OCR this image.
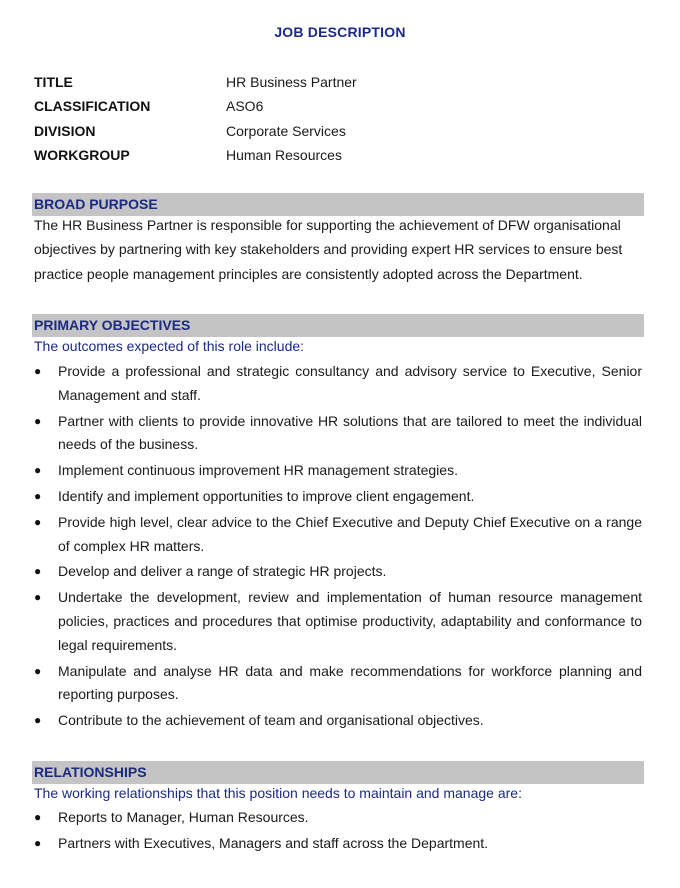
JOB DESCRIPTION
TITLE	HR Business Partner
CLASSIFICATION	ASO6
DIVISION	Corporate Services
WORKGROUP	Human Resources
BROAD PURPOSE
The HR Business Partner is responsible for supporting the achievement of DFW organisational objectives by partnering with key stakeholders and providing expert HR services to ensure best practice people management principles are consistently adopted across the Department.
PRIMARY OBJECTIVES
The outcomes expected of this role include:
●	Provide a professional and strategic consultancy and advisory service to Executive, Senior Management and staff.
●	Partner with clients to provide innovative HR solutions that are tailored to meet the individual needs of the business.
●	Implement continuous improvement HR management strategies.
●	Identify and implement opportunities to improve client engagement.
●	Provide high level, clear advice to the Chief Executive and Deputy Chief Executive on a range of complex HR matters.
●	Develop and deliver a range of strategic HR projects.
●	Undertake the development, review and implementation of human resource management policies, practices and procedures that optimise productivity, adaptability and conformance to legal requirements.
●	Manipulate and analyse HR data and make recommendations for workforce planning and reporting purposes.
●	Contribute to the achievement of team and organisational objectives.
RELATIONSHIPS
The working relationships that this position needs to maintain and manage are:
●	Reports to Manager, Human Resources.
●	Partners with Executives, Managers and staff across the Department.
